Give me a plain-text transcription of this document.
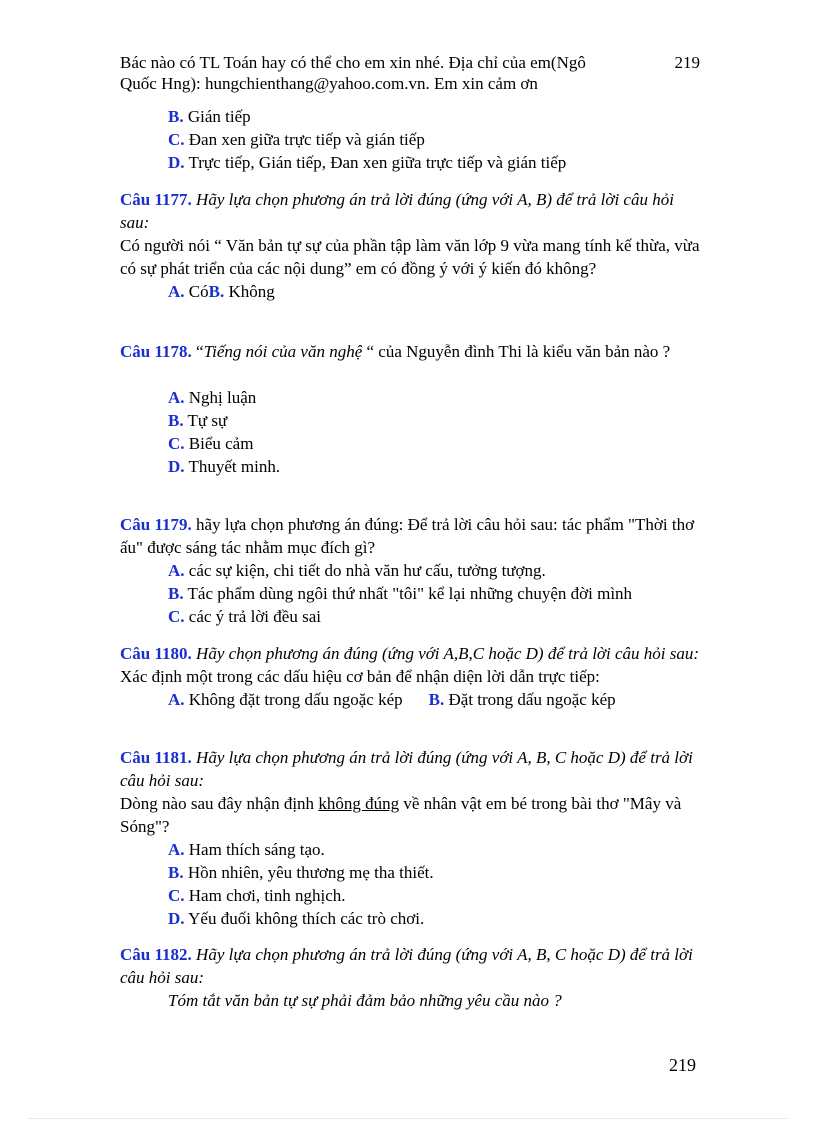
Bác nào có TL Toán hay có thể cho em xin nhé. Địa chỉ của em(Ngô
Quốc Hng): hungchienthang@yahoo.com.vn. Em xin cảm ơn
219
B. Gián tiếp
C. Đan xen giữa trực tiếp và gián tiếp
D. Trực tiếp, Gián tiếp, Đan xen giữa trực tiếp và gián tiếp
Câu 1177. Hãy lựa chọn phương án trả lời đúng (ứng với A, B) để trả lời câu hỏi sau:
Có người nói “ Văn bản tự sự của phần tập làm văn lớp 9 vừa mang tính kế thừa, vừa có sự phát triển của các nội dung” em có đồng ý với ý kiến đó không?
A. CóB. Không
Câu 1178. “Tiếng nói của văn nghệ “ của Nguyễn đình Thi là kiểu văn bản nào ?
A. Nghị luận
B. Tự sự
C. Biểu cảm
D. Thuyết minh.
Câu 1179. hãy lựa chọn phương án đúng: Để trả lời câu hỏi sau: tác phẩm "Thời thơ ấu" được sáng tác nhằm mục đích gì?
A. các sự kiện, chi tiết do nhà văn hư cấu, tưởng tượng.
B. Tác phẩm dùng ngôi thứ nhất "tôi" kể lại những chuyện đời mình
C. các ý trả lời đều sai
Câu 1180. Hãy chọn phương án đúng (ứng với A,B,C hoặc D) để trả lời câu hỏi sau:
Xác định một trong các dấu hiệu cơ bản để nhận diện lời dẫn trực tiếp:
A. Không đặt trong dấu ngoặc kép B. Đặt trong dấu ngoặc kép
Câu 1181. Hãy lựa chọn phương án trả lời đúng (ứng với A, B, C hoặc D) để trả lời câu hỏi sau:
Dòng nào sau đây nhận định không đúng về nhân vật em bé trong bài thơ "Mây và Sóng"?
A. Ham thích sáng tạo.
B. Hồn nhiên, yêu thương mẹ tha thiết.
C. Ham chơi, tinh nghịch.
D. Yếu đuối không thích các trò chơi.
Câu 1182. Hãy lựa chọn phương án trả lời đúng (ứng với A, B, C hoặc D) để trả lời câu hỏi sau:
Tóm tắt văn bản tự sự phải đảm bảo những yêu cầu nào ?
219
